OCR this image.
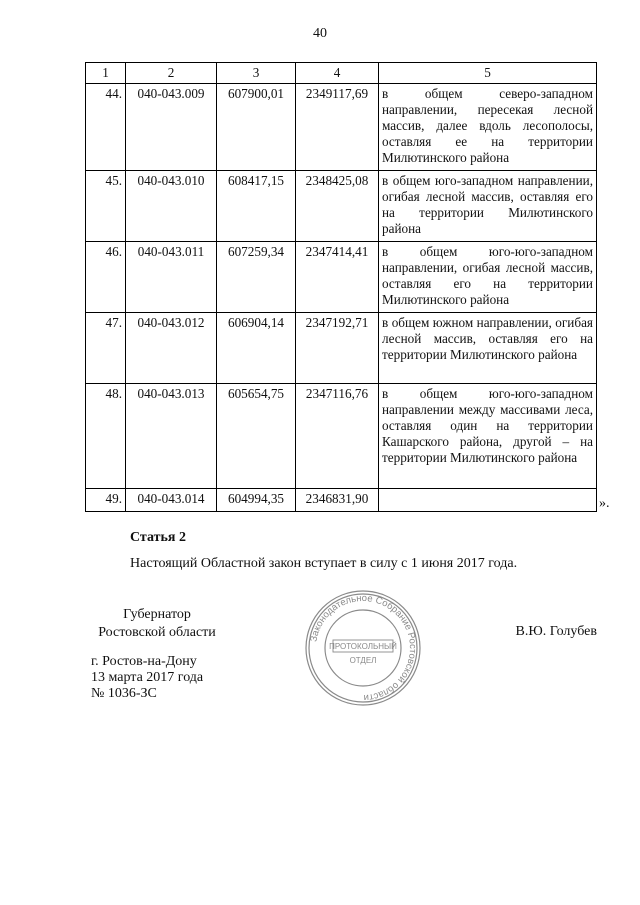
40
1	2	3	4	5
44.	040-043.009	607900,01	2349117,69	в общем северо-западном направлении, пересекая лесной массив, далее вдоль лесополосы, оставляя ее на территории Милютинского района
45.	040-043.010	608417,15	2348425,08	в общем юго-западном направлении, огибая лесной массив, оставляя его на территории Милютинского района
46.	040-043.011	607259,34	2347414,41	в общем юго-юго-западном направлении, огибая лесной массив, оставляя его на территории Милютинского района
47.	040-043.012	606904,14	2347192,71	в общем южном направлении, огибая лесной массив, оставляя его на территории Милютинского района
48.	040-043.013	605654,75	2347116,76	в общем юго-юго-западном направлении между массивами леса, оставляя один на территории Кашарского района, другой – на территории Милютинского района
49.	040-043.014	604994,35	2346831,90		».
Статья 2
Настоящий Областной закон вступает в силу с 1 июня 2017 года.
Губернатор
Ростовской области	В.Ю. Голубев
г. Ростов-на-Дону
13 марта 2017 года
№ 1036-ЗС
Законодательное Собрание Ростовской области
ПРОТОКОЛЬНЫЙ
ОТДЕЛ
